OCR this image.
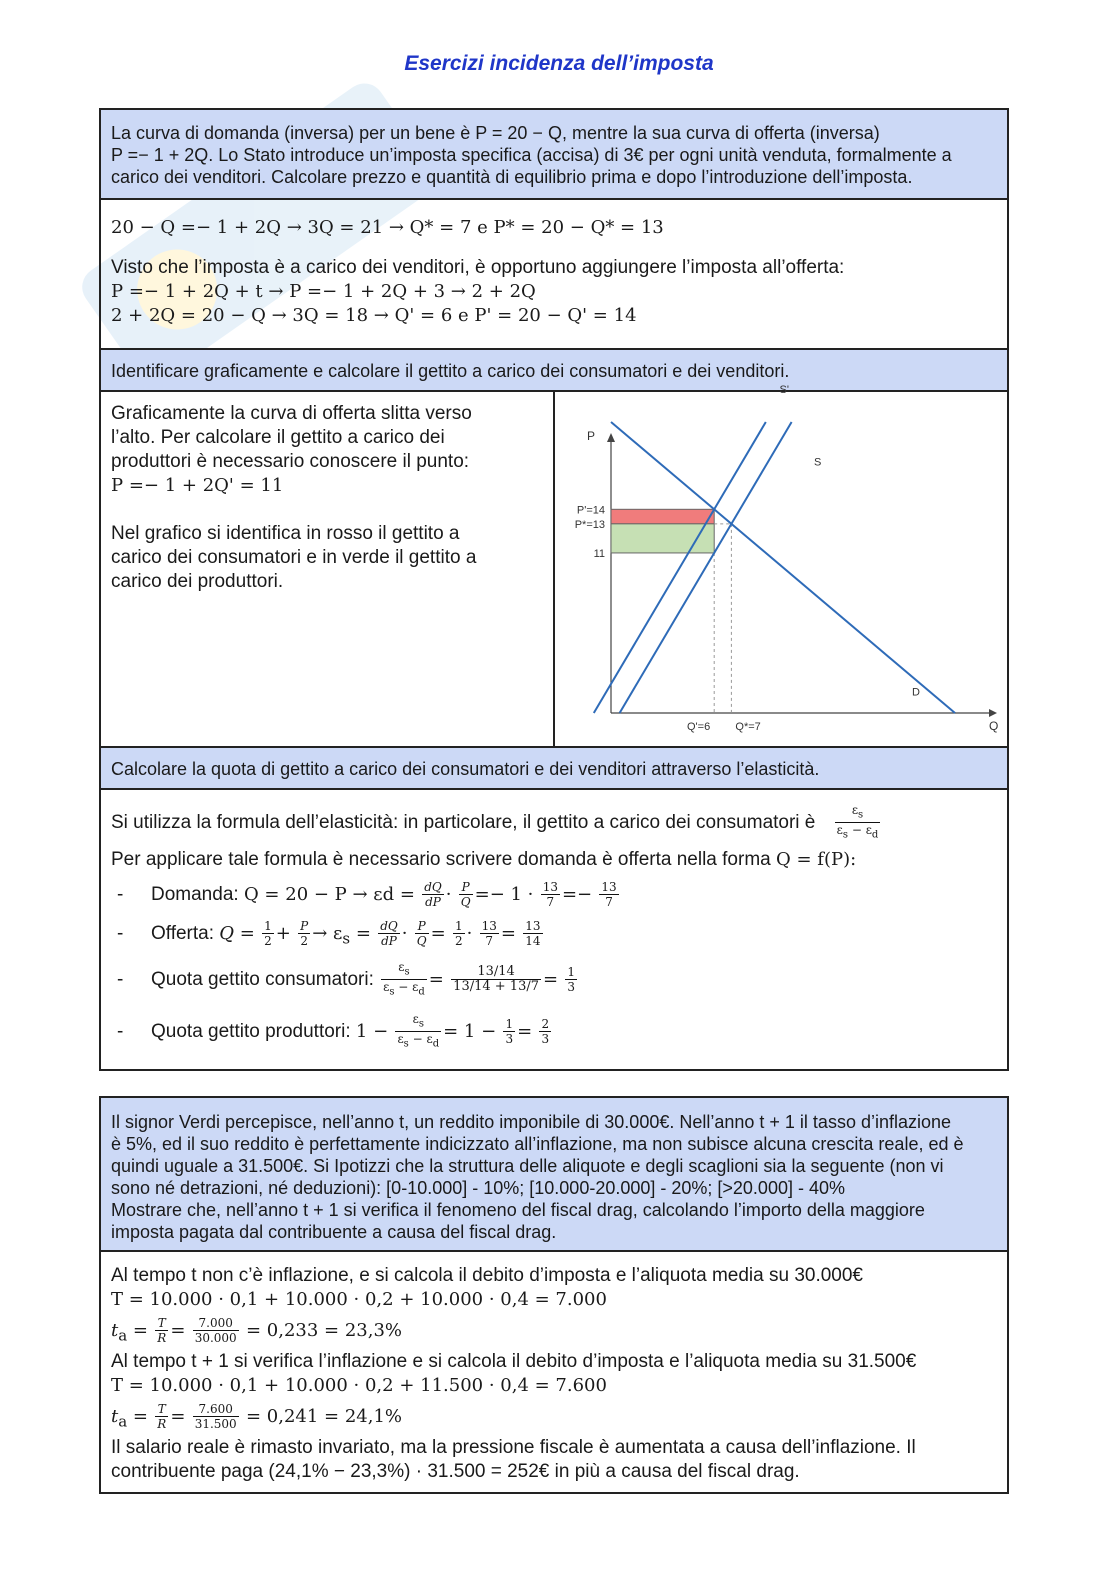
Esercizi incidenza dell’imposta
La curva di domanda (inversa) per un bene è P = 20 − Q, mentre la sua curva di offerta (inversa)
P =− 1 + 2Q. Lo Stato introduce un’imposta specifica (accisa) di 3€ per ogni unità venduta, formalmente a
carico dei venditori. Calcolare prezzo e quantità di equilibrio prima e dopo l’introduzione dell’imposta.
20 − Q =− 1 + 2Q → 3Q = 21 → Q* = 7 e P* = 20 − Q* = 13
Visto che l’imposta è a carico dei venditori, è opportuno aggiungere l’imposta all’offerta:
P =− 1 + 2Q + t → P =− 1 + 2Q + 3 → 2 + 2Q
2 + 2Q = 20 − Q → 3Q = 18 → Q' = 6 e P' = 20 − Q' = 14
Identificare graficamente e calcolare il gettito a carico dei consumatori e dei venditori.
Graficamente la curva di offerta slitta verso
l’alto. Per calcolare il gettito a carico dei
produttori è necessario conoscere il punto:
P =− 1 + 2Q' = 11
Nel grafico si identifica in rosso il gettito a
carico dei consumatori e in verde il gettito a
carico dei produttori.
P
Q
D
S
S'
P'=14
P*=13
11
Q'=6 Q*=7
Calcolare la quota di gettito a carico dei consumatori e dei venditori attraverso l’elasticità.
Si utilizza la formula dell’elasticità: in particolare, il gettito a carico dei consumatori è $\frac{\varepsilon_s}{\varepsilon_s - \varepsilon_d}$
Per applicare tale formula è necessario scrivere domanda è offerta nella forma Q = f(P):
- Domanda: $Q = 20 - P \to \varepsilon d = \frac{dQ}{dP} \cdot \frac{P}{Q} =- 1 \cdot \frac{13}{7} =- \frac{13}{7}$
- Offerta: $Q = \frac{1}{2} + \frac{P}{2} \to \varepsilon_s = \frac{dQ}{dP} \cdot \frac{P}{Q} = \frac{1}{2} \cdot \frac{13}{7} = \frac{13}{14}$
- Quota gettito consumatori: $\frac{\varepsilon_s}{\varepsilon_s - \varepsilon_d} = \frac{13/14}{13/14 + 13/7} = \frac{1}{3}$
- Quota gettito produttori: $1 - \frac{\varepsilon_s}{\varepsilon_s - \varepsilon_d} = 1 - \frac{1}{3} = \frac{2}{3}$
Il signor Verdi percepisce, nell’anno t, un reddito imponibile di 30.000€. Nell’anno t + 1 il tasso d’inflazione
è 5%, ed il suo reddito è perfettamente indicizzato all’inflazione, ma non subisce alcuna crescita reale, ed è
quindi uguale a 31.500€. Si Ipotizzi che la struttura delle aliquote e degli scaglioni sia la seguente (non vi
sono né detrazioni, né deduzioni): [0-10.000] - 10%; [10.000-20.000] - 20%; [>20.000] - 40%
Mostrare che, nell’anno t + 1 si verifica il fenomeno del fiscal drag, calcolando l’importo della maggiore
imposta pagata dal contribuente a causa del fiscal drag.
Al tempo t non c’è inflazione, e si calcola il debito d’imposta e l’aliquota media su 30.000€
T = 10.000 · 0,1 + 10.000 · 0,2 + 10.000 · 0,4 = 7.000
$t_a = \frac{T}{R} = \frac{7.000}{30.000} = 0,233 = 23,3\%$
Al tempo t + 1 si verifica l’inflazione e si calcola il debito d’imposta e l’aliquota media su 31.500€
T = 10.000 · 0,1 + 10.000 · 0,2 + 11.500 · 0,4 = 7.600
$t_a = \frac{T}{R} = \frac{7.600}{31.500} = 0,241 = 24,1\%$
Il salario reale è rimasto invariato, ma la pressione fiscale è aumentata a causa dell’inflazione. Il
contribuente paga (24,1% − 23,3%) · 31.500 = 252€ in più a causa del fiscal drag.
